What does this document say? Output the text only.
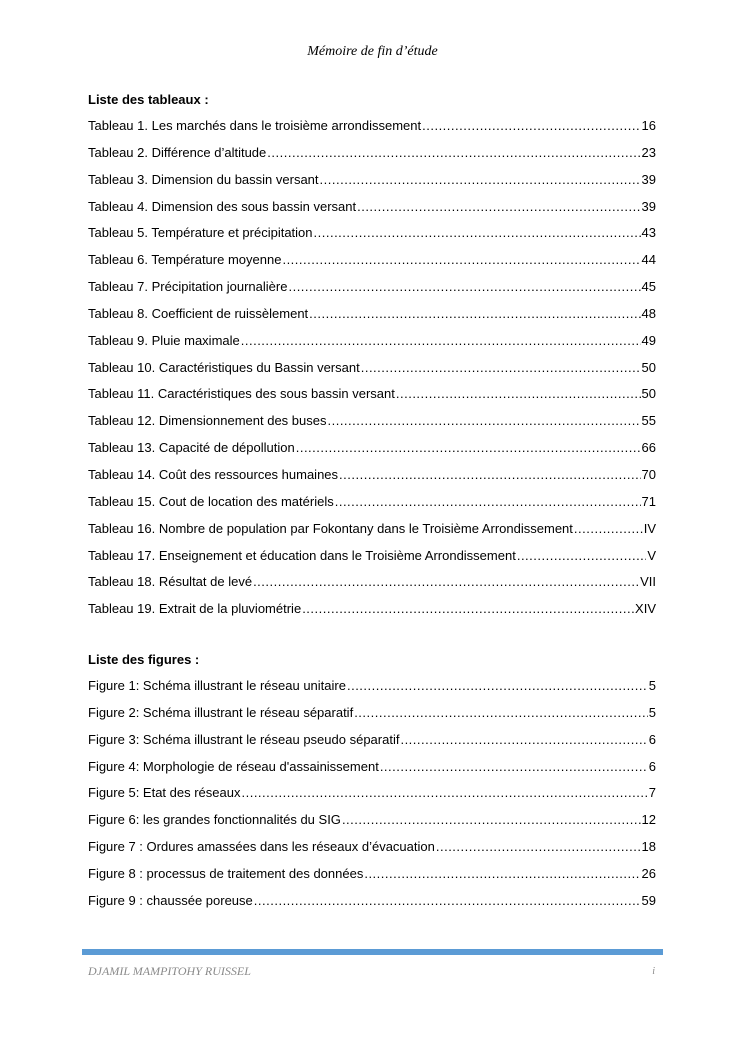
Mémoire de fin d’étude
Liste des tableaux :
Tableau 1. Les marchés dans le troisième arrondissement .....	16
Tableau 2. Différence d’altitude .....	23
Tableau 3. Dimension du bassin versant .....	39
Tableau 4. Dimension des sous bassin versant .....	39
Tableau 5. Température et précipitation .....	43
Tableau 6. Température moyenne .....	44
Tableau 7. Précipitation journalière .....	45
Tableau 8. Coefficient de ruissèlement .....	48
Tableau 9. Pluie maximale .....	49
Tableau 10. Caractéristiques du Bassin versant .....	50
Tableau 11. Caractéristiques des sous bassin versant .....	50
Tableau 12. Dimensionnement des buses .....	55
Tableau 13. Capacité de dépollution .....	66
Tableau 14. Coût des ressources humaines .....	70
Tableau 15. Cout de location des matériels .....	71
Tableau 16. Nombre de population par Fokontany dans le Troisième Arrondissement .....	IV
Tableau 17. Enseignement et éducation dans le Troisième Arrondissement .....	V
Tableau 18. Résultat de levé .....	VII
Tableau 19. Extrait de la pluviométrie .....	XIV
Liste des figures :
Figure 1: Schéma illustrant le réseau unitaire .....	5
Figure 2: Schéma illustrant le réseau séparatif .....	5
Figure 3: Schéma illustrant le réseau pseudo séparatif .....	6
Figure 4: Morphologie de réseau d'assainissement .....	6
Figure 5: Etat des réseaux .....	7
Figure 6: les grandes fonctionnalités du SIG .....	12
Figure 7 : Ordures amassées dans les réseaux d’évacuation .....	18
Figure 8 : processus de traitement des données .....	26
Figure 9 : chaussée poreuse .....	59
DJAMIL MAMPITOHY RUISSEL	i
